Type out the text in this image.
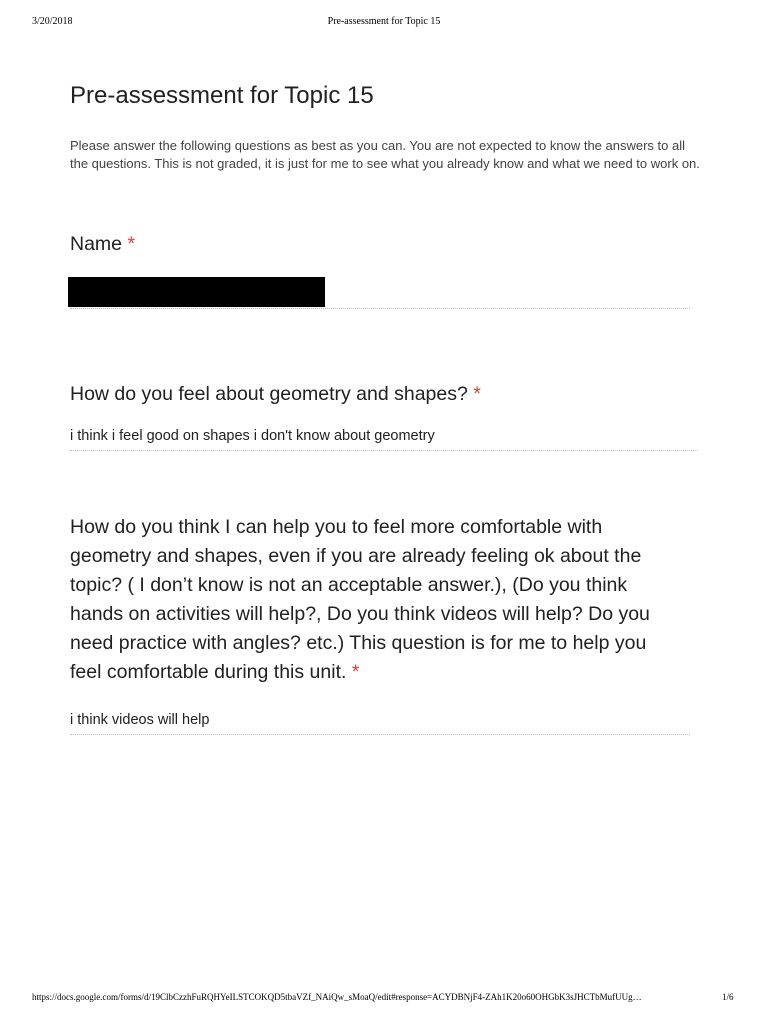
3/20/2018	Pre-assessment for Topic 15
Pre-assessment for Topic 15

Please answer the following questions as best as you can. You are not expected to know the answers to all the questions. This is not graded, it is just for me to see what you already know and what we need to work on.

Name *
How do you feel about geometry and shapes? *

i think i feel good on shapes i don't know about geometry

How do you think I can help you to feel more comfortable with geometry and shapes, even if you are already feeling ok about the topic? ( I don’t know is not an acceptable answer.), (Do you think hands on activities will help?, Do you think videos will help? Do you need practice with angles? etc.) This question is for me to help you feel comfortable during this unit. *

i think videos will help

https://docs.google.com/forms/d/19ClbCzzhFuRQHYeILSTCOKQD5tbaVZf_NAiQw_sMoaQ/edit#response=ACYDBNjF4-ZAh1K20o60OHGbK3sJHCTbMufUUg…	1/6
